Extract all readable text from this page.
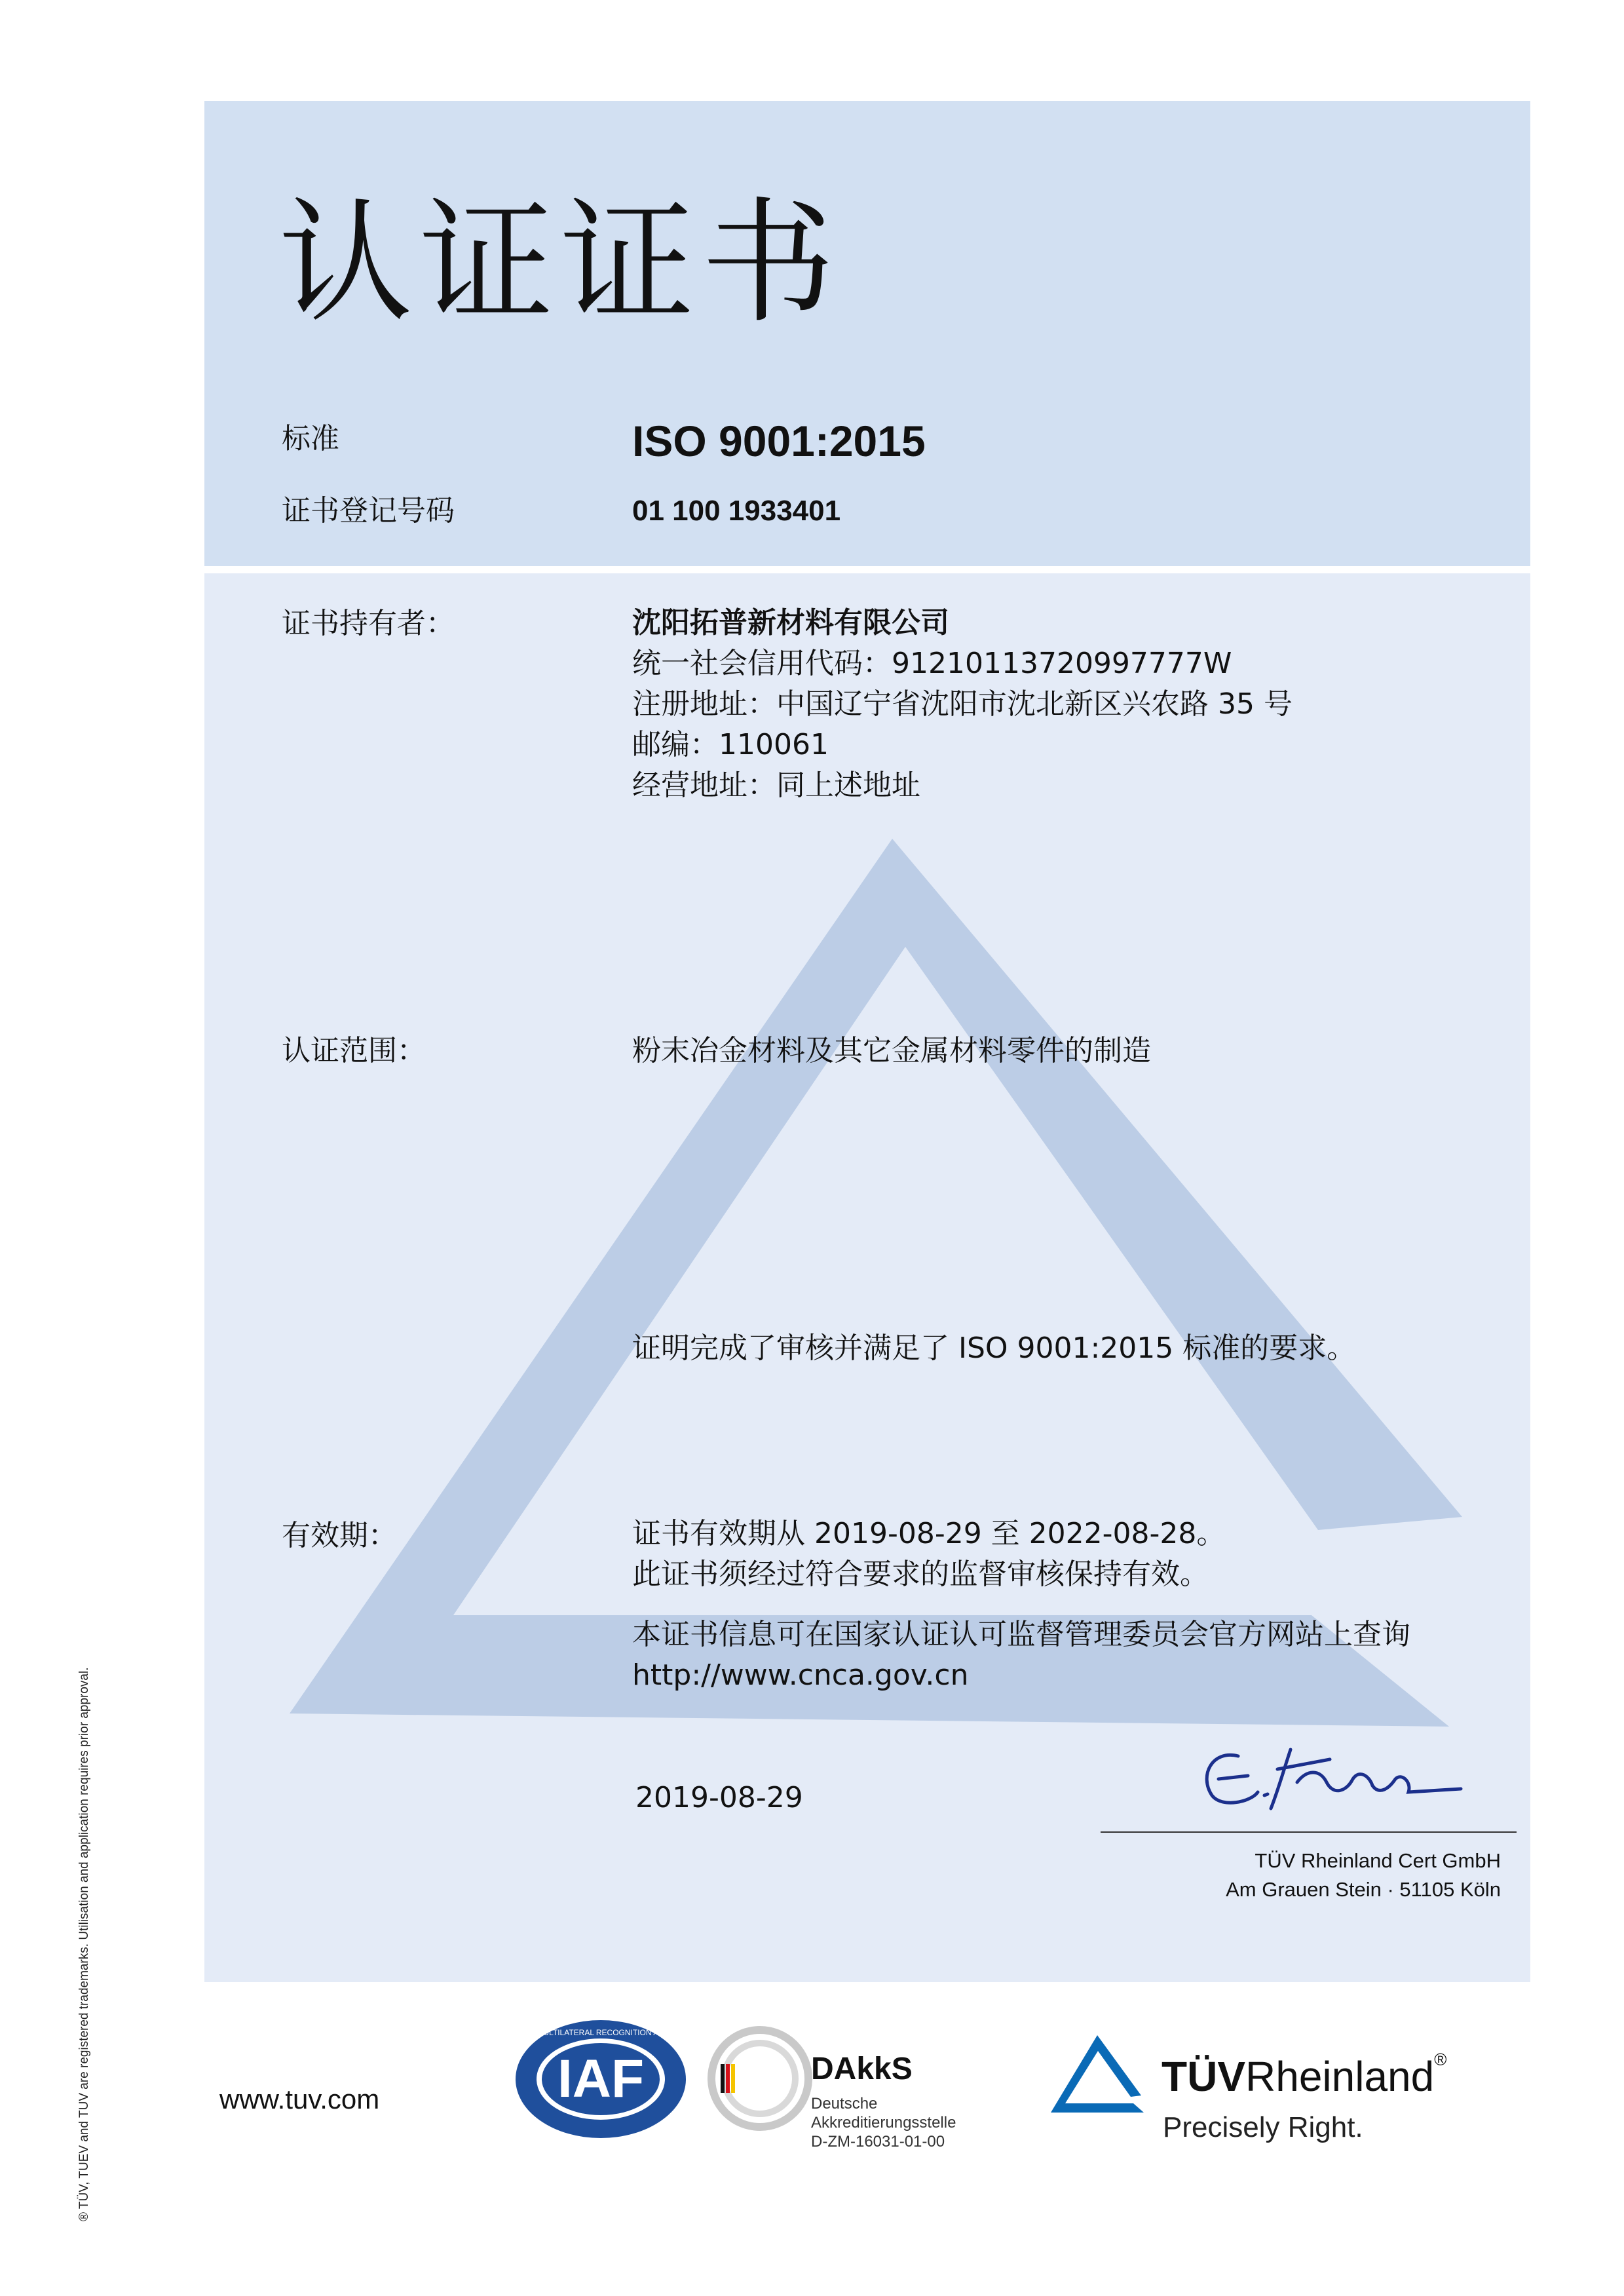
认证证书
标准	ISO 9001:2015
证书登记号码	01 100 1933401
证书持有者：	沈阳拓普新材料有限公司
统一社会信用代码：91210113720997777W
注册地址：中国辽宁省沈阳市沈北新区兴农路 35 号
邮编：110061
经营地址：同上述地址
认证范围：	粉末冶金材料及其它金属材料零件的制造
证明完成了审核并满足了 ISO 9001:2015 标准的要求。
有效期：	证书有效期从 2019-08-29 至 2022-08-28。
此证书须经过符合要求的监督审核保持有效。
本证书信息可在国家认证认可监督管理委员会官方网站上查询
http://www.cnca.gov.cn
2019-08-29
TÜV Rheinland Cert GmbH
Am Grauen Stein · 51105 Köln
® TÜV, TUEV and TUV are registered trademarks. Utilisation and application requires prior approval.	www.tuv.com	IAF
MEMBER OF MULTILATERAL RECOGNITION ARRANGEMENT
DAkkS
Deutsche
Akkreditierungsstelle
D-ZM-16031-01-00
TÜVRheinland®
Precisely Right.
